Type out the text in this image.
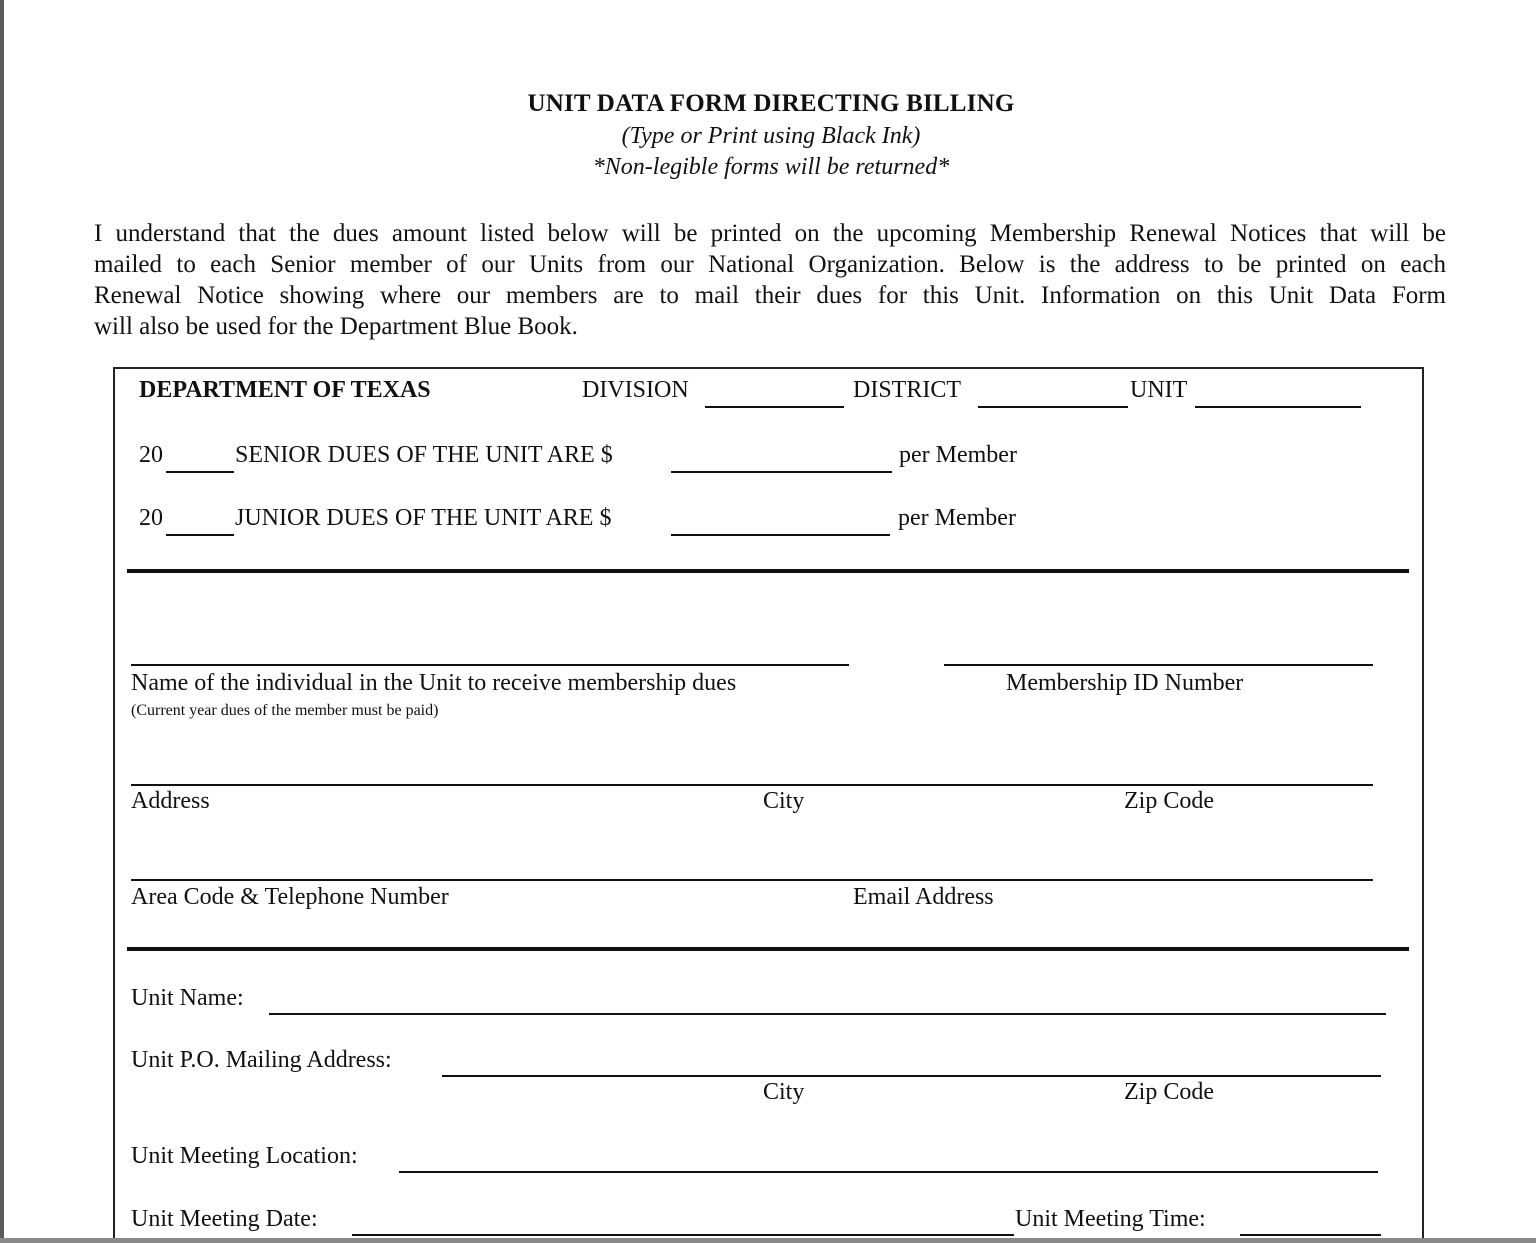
UNIT DATA FORM DIRECTING BILLING
(Type or Print using Black Ink)
*Non-legible forms will be returned*
I understand that the dues amount listed below will be printed on the upcoming Membership Renewal Notices that will be
mailed to each Senior member of our Units from our National Organization. Below is the address to be printed on each
Renewal Notice showing where our members are to mail their dues for this Unit. Information on this Unit Data Form
will also be used for the Department Blue Book.
DEPARTMENT OF TEXAS	DIVISION	DISTRICT	UNIT
20	SENIOR DUES OF THE UNIT ARE $	per Member
20	JUNIOR DUES OF THE UNIT ARE $	per Member
Name of the individual in the Unit to receive membership dues
(Current year dues of the member must be paid)
Membership ID Number
Address	City	Zip Code
Area Code & Telephone Number	Email Address
Unit Name:
Unit P.O. Mailing Address:
City	Zip Code
Unit Meeting Location:
Unit Meeting Date:	Unit Meeting Time:
